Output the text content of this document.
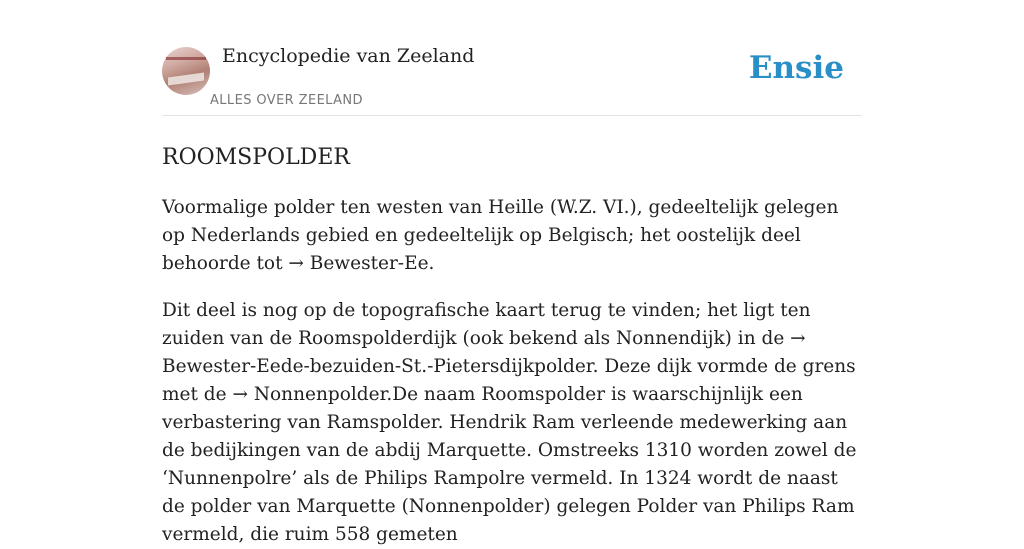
Encyclopedie van Zeeland
ALLES OVER ZEELAND
Ensie
ROOMSPOLDER

Voormalige polder ten westen van Heille (W.Z. VI.), gedeeltelijk gelegen op Nederlands gebied en gedeeltelijk op Belgisch; het oostelijk deel behoorde tot → Bewester-Ee.

Dit deel is nog op de topografische kaart terug te vinden; het ligt ten zuiden van de Roomspolderdijk (ook bekend als Nonnendijk) in de → Bewester-Eede-bezuiden-St.-Pietersdijkpolder. Deze dijk vormde de grens met de → Nonnenpolder.De naam Roomspolder is waarschijnlijk een verbastering van Ramspolder. Hendrik Ram verleende medewerking aan de bedijkingen van de abdij Marquette. Omstreeks 1310 worden zowel de ‘Nunnenpolre’ als de Philips Rampolre vermeld. In 1324 wordt de naast de polder van Marquette (Nonnenpolder) gelegen Polder van Philips Ram vermeld, die ruim 558 gemeten
